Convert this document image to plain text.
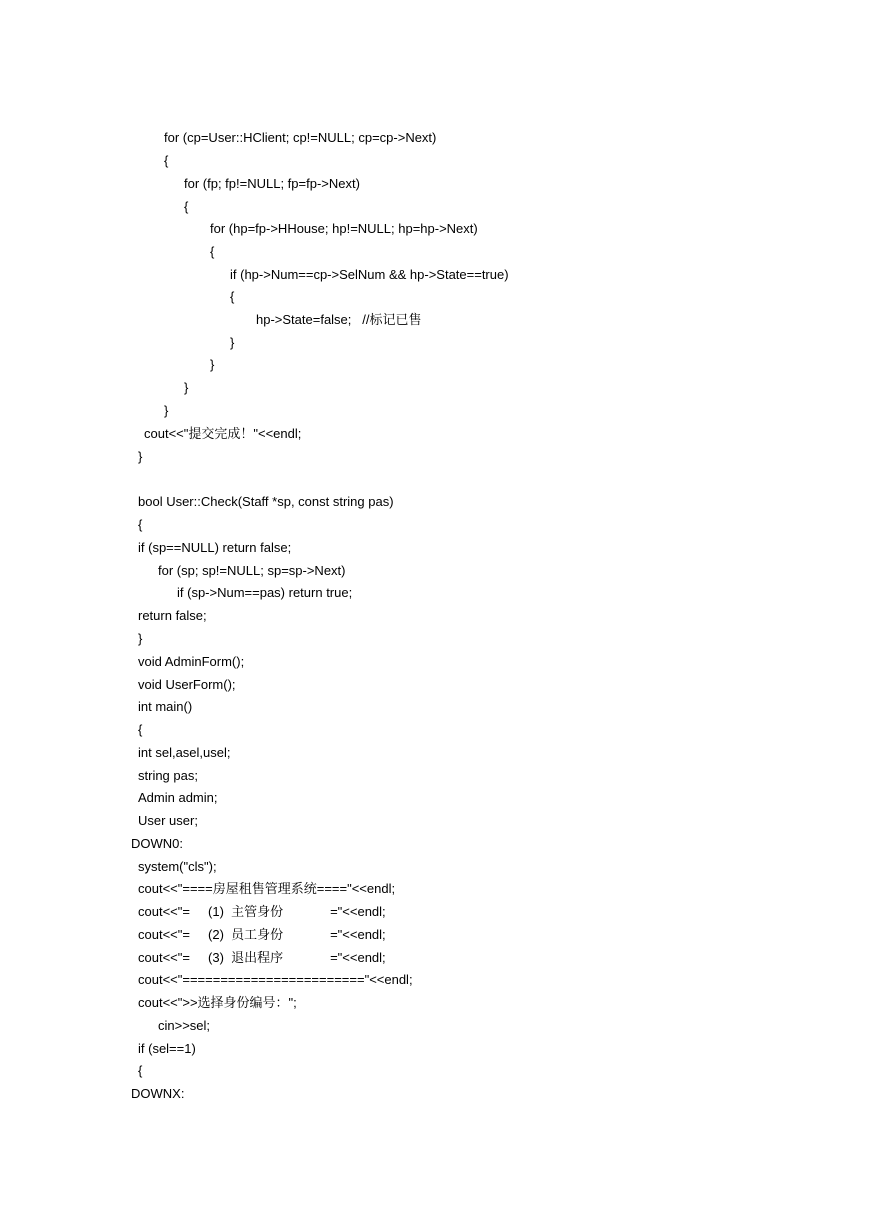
for (cp=User::HClient; cp!=NULL; cp=cp->Next)
{
for (fp; fp!=NULL; fp=fp->Next)
{
for (hp=fp->HHouse; hp!=NULL; hp=hp->Next)
{
if (hp->Num==cp->SelNum && hp->State==true)
{
hp->State=false;   //标记已售
}
}
}
}
cout<<"提交完成！"<<endl;
}
bool User::Check(Staff *sp, const string pas)
{
if (sp==NULL) return false;
for (sp; sp!=NULL; sp=sp->Next)
if (sp->Num==pas) return true;
return false;
}
void AdminForm();
void UserForm();
int main()
{
int sel,asel,usel;
string pas;
Admin admin;
User user;
DOWN0:
system("cls");
cout<<"====房屋租售管理系统===="<<endl;
cout<<"=     (1)  主管身份             ="<<endl;
cout<<"=     (2)  员工身份             ="<<endl;
cout<<"=     (3)  退出程序             ="<<endl;
cout<<"========================"<<endl;
cout<<">>选择身份编号：";
cin>>sel;
if (sel==1)
{
DOWNX:
